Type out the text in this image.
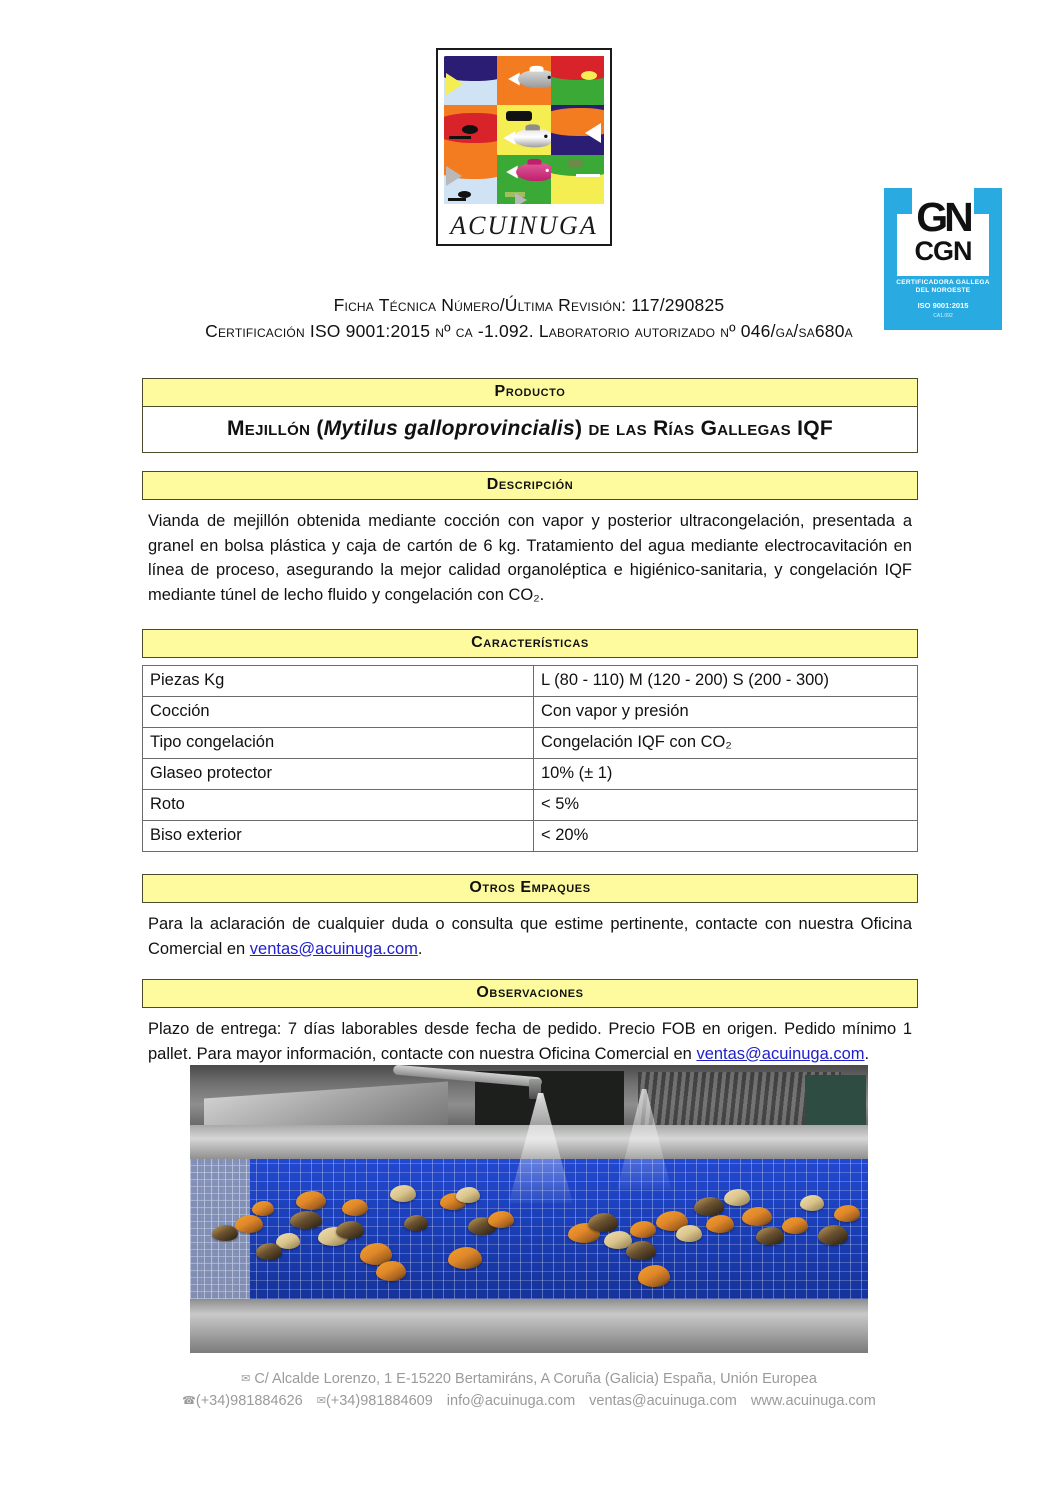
ACUINUGA	GN
CGN
CERTIFICADORA GALLEGA
DEL NOROESTE
ISO 9001:2015
CA1.092
Ficha Técnica Número/Última Revisión: 117/290825
Certificación ISO 9001:2015 nº ca -1.092. Laboratorio autorizado nº 046/ga/sa680a
Producto
Mejillón (Mytilus galloprovincialis) de las Rías Gallegas IQF
Descripción
Vianda de mejillón obtenida mediante cocción con vapor y posterior ultracongelación, presentada a granel en bolsa plástica y caja de cartón de 6 kg. Tratamiento del agua mediante electrocavitación en línea de proceso, asegurando la mejor calidad organoléptica e higiénico-sanitaria, y congelación IQF mediante túnel de lecho fluido y congelación con CO₂.
Características
Piezas Kg	L (80 - 110) M (120 - 200) S (200 - 300)
Cocción	Con vapor y presión
Tipo congelación	Congelación IQF con CO₂
Glaseo protector	10% (± 1)
Roto	< 5%
Biso exterior	< 20%
Otros Empaques
Para la aclaración de cualquier duda o consulta que estime pertinente, contacte con nuestra Oficina Comercial en ventas@acuinuga.com.
Observaciones
Plazo de entrega: 7 días laborables desde fecha de pedido. Precio FOB en origen. Pedido mínimo 1 pallet. Para mayor información, contacte con nuestra Oficina Comercial en ventas@acuinuga.com.
✉ C/ Alcalde Lorenzo, 1 E-15220 Bertamiráns, A Coruña (Galicia) España, Unión Europea
☎(+34)981884626 ✉(+34)981884609 info@acuinuga.com ventas@acuinuga.com www.acuinuga.com
